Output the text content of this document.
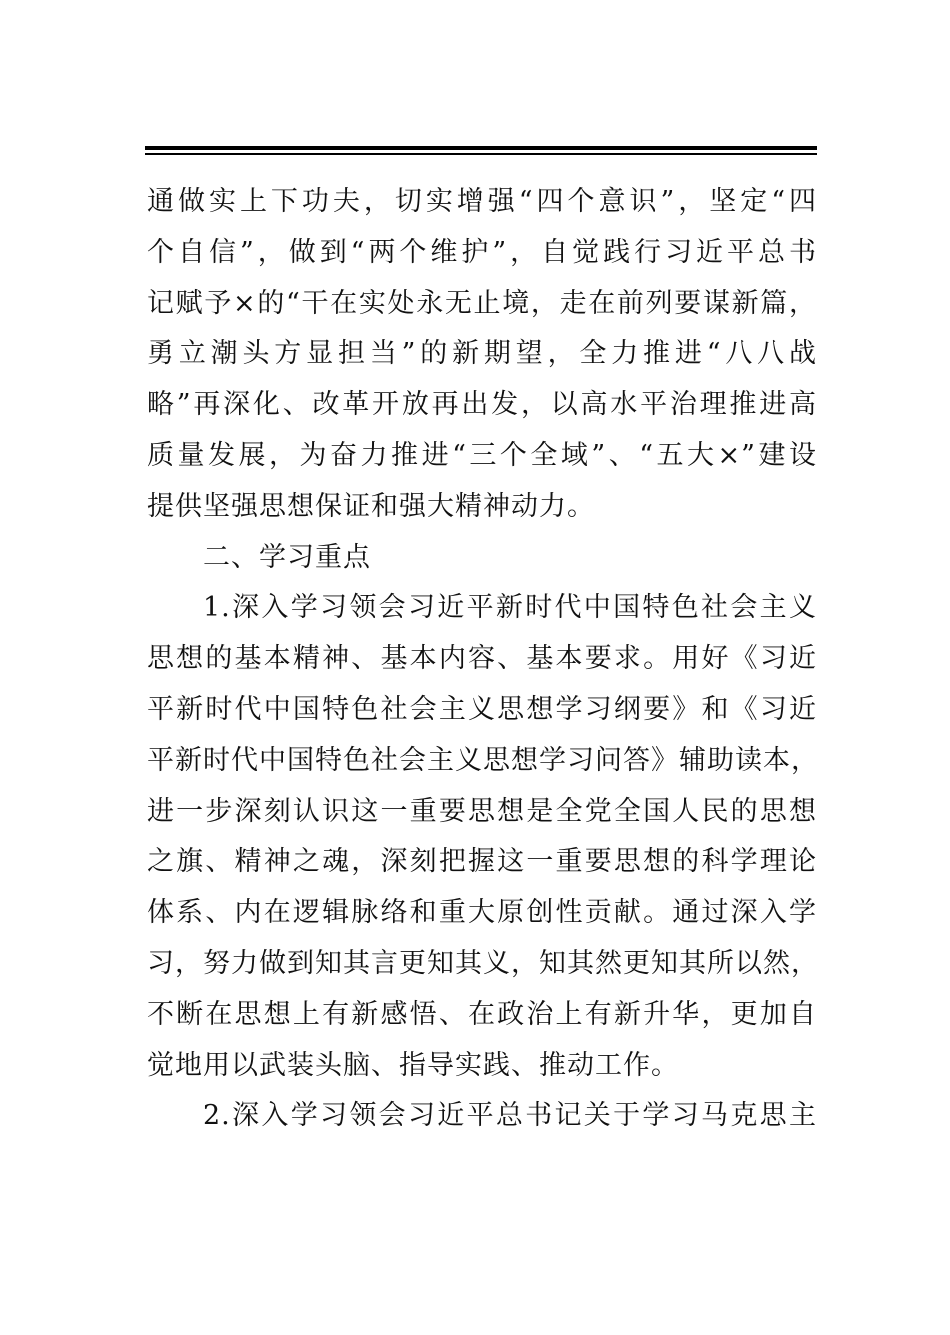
通做实上下功夫，切实增强“四个意识”，坚定“四
个自信”，做到“两个维护”，自觉践行习近平总书
记赋予×的“干在实处永无止境，走在前列要谋新篇，
勇立潮头方显担当”的新期望，全力推进“八八战
略”再深化、改革开放再出发，以高水平治理推进高
质量发展，为奋力推进“三个全域”、“五大×”建设
提供坚强思想保证和强大精神动力。
二、学习重点
1.深入学习领会习近平新时代中国特色社会主义
思想的基本精神、基本内容、基本要求。用好《习近
平新时代中国特色社会主义思想学习纲要》和《习近
平新时代中国特色社会主义思想学习问答》辅助读本，
进一步深刻认识这一重要思想是全党全国人民的思想
之旗、精神之魂，深刻把握这一重要思想的科学理论
体系、内在逻辑脉络和重大原创性贡献。通过深入学
习，努力做到知其言更知其义，知其然更知其所以然，
不断在思想上有新感悟、在政治上有新升华，更加自
觉地用以武装头脑、指导实践、推动工作。
2.深入学习领会习近平总书记关于学习马克思主
